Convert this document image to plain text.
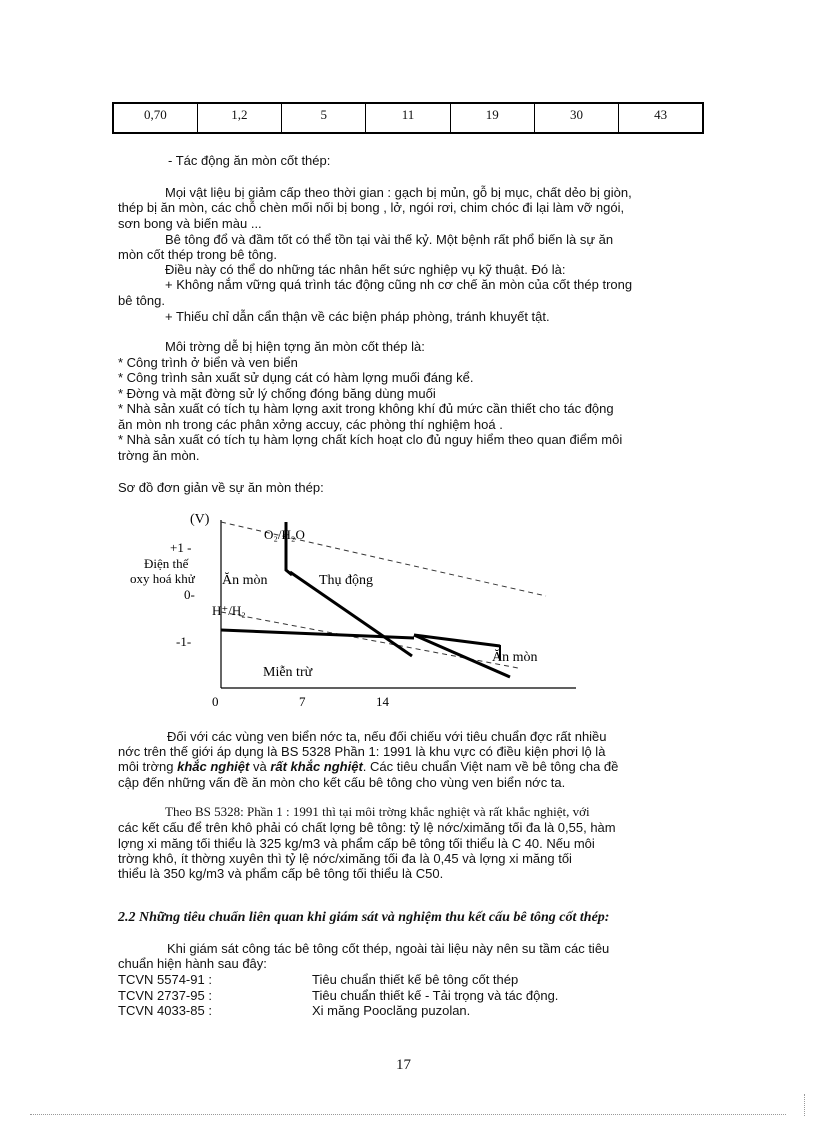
0,70	1,2	5	11	19	30	43
- Tác động ăn mòn cốt thép:
Mọi vật liệu bị giảm cấp theo thời gian : gạch bị mủn, gỗ bị mục, chất dẻo bị giòn,
thép bị ăn mòn, các chỗ chèn mối nối bị bong , lở, ngói rơi, chim chóc đi lại làm vỡ ngói,
sơn bong và biến màu ...
Bê tông đổ và đầm tốt có thể tồn tại vài thế kỷ. Một bệnh rất phổ biến là sự ăn
mòn cốt thép trong bê tông.
Điều này có thể do những tác nhân hết sức nghiệp vụ kỹ thuật. Đó là:
+ Không nắm vững quá trình tác động cũng nh cơ chế ăn mòn của cốt thép trong
bê tông.
+ Thiếu chỉ dẫn cẩn thận về các biện pháp phòng, tránh khuyết tật.
Môi trờng dễ bị hiện tợng ăn mòn cốt thép là:
* Công trình ở biển và ven biển
* Công trình sản xuất sử dụng cát có hàm lợng muối đáng kể.
* Đờng và mặt đờng sử lý chống đóng băng dùng muối
* Nhà sản xuất có tích tụ hàm lợng axit trong không khí đủ mức cần thiết cho tác động
ăn mòn nh trong các phân xởng accuy, các phòng thí nghiệm hoá .
* Nhà sản xuất có tích tụ hàm lợng chất kích hoạt clo đủ nguy hiểm theo quan điểm môi
trờng ăn mòn.
Sơ đồ đơn giản về sự ăn mòn thép:
(V)
+1 -
Điện thế
oxy hoá khử
0-
H⁺/H₂
-1-
O₂/H₂O
Ăn mòn	Thụ động
Miễn trừ
Ăn mòn
0	7	14
Đối với các vùng ven biển nớc ta, nếu đối chiếu với tiêu chuẩn đợc rất nhiều
nớc trên thế giới áp dụng là BS 5328 Phần 1: 1991 là khu vực có điều kiện phơi lộ là
môi trờng khắc nghiệt và rất khắc nghiệt. Các tiêu chuẩn Việt nam về bê tông cha đề
cập đến những vấn đề ăn mòn cho kết cấu bê tông cho vùng ven biển nớc ta.
Theo BS 5328: Phần 1 : 1991 thì tại môi trờng khắc nghiệt và rất khắc nghiệt, với
các kết cấu để trên khô phải có chất lợng bê tông: tỷ lệ nớc/ximăng tối đa là 0,55, hàm
lợng xi măng tối thiểu là 325 kg/m3 và phẩm cấp bê tông tối thiểu là C 40. Nếu môi
trờng khô, ít thờng xuyên thì tỷ lệ nớc/ximăng tối đa là 0,45 và lợng xi măng tối
thiểu là 350 kg/m3 và phẩm cấp bê tông tối thiểu là C50.
2.2 Những tiêu chuẩn liên quan khi giám sát và nghiệm thu kết cấu bê tông cốt thép:
Khi giám sát công tác bê tông cốt thép, ngoài tài liệu này nên su tầm các tiêu
chuẩn hiện hành sau đây:
TCVN 5574-91 :	Tiêu chuẩn thiết kế bê tông cốt thép
TCVN 2737-95 :	Tiêu chuẩn thiết kế - Tải trọng và tác động.
TCVN 4033-85 :	Xi măng Pooclăng puzolan.
17
